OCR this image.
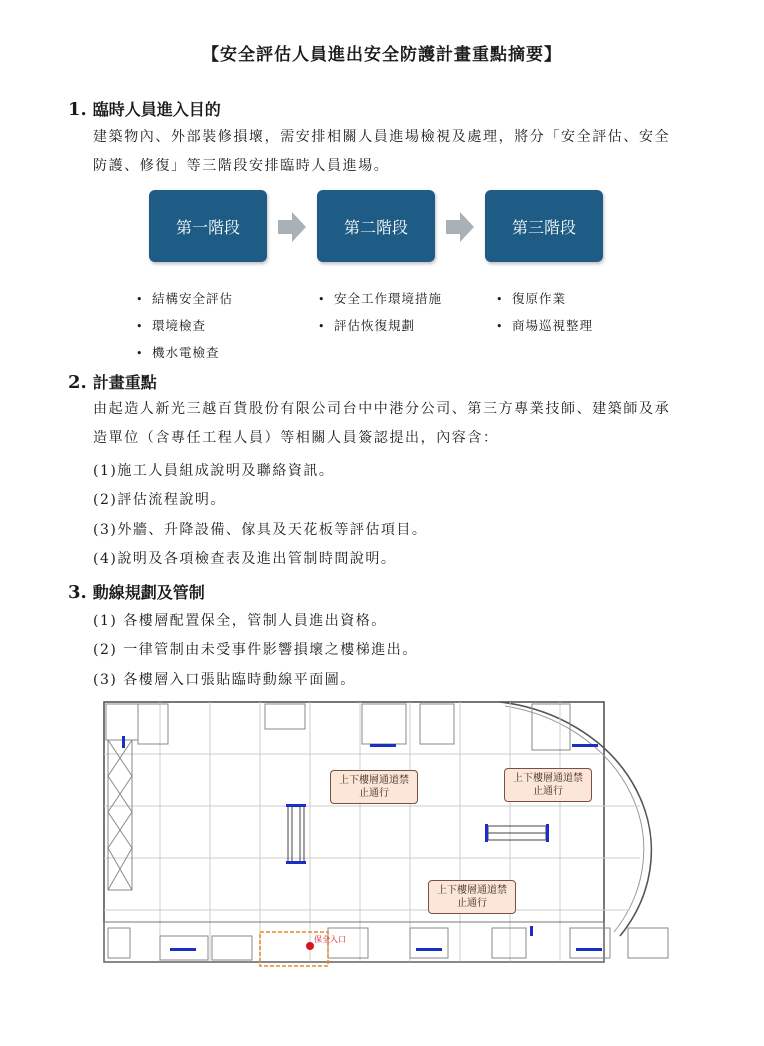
【安全評估人員進出安全防護計畫重點摘要】
1. 臨時人員進入目的
建築物內、外部裝修損壞，需安排相關人員進場檢視及處理，將分「安全評估、安全防護、修復」等三階段安排臨時人員進場。
第一階段	第二階段	第三階段
• 結構安全評估
• 環境檢查
• 機水電檢查
• 安全工作環境措施
• 評估恢復規劃
• 復原作業
• 商場巡視整理
2. 計畫重點
由起造人新光三越百貨股份有限公司台中中港分公司、第三方專業技師、建築師及承造單位（含專任工程人員）等相關人員簽認提出，內容含：
(1)施工人員組成說明及聯絡資訊。
(2)評估流程說明。
(3)外牆、升降設備、傢具及天花板等評估項目。
(4)說明及各項檢查表及進出管制時間說明。
3. 動線規劃及管制
(1) 各樓層配置保全，管制人員進出資格。
(2) 一律管制由未受事件影響損壞之樓梯進出。
(3) 各樓層入口張貼臨時動線平面圖。
保全入口
上下樓層通道禁止通行
上下樓層通道禁止通行
上下樓層通道禁止通行
